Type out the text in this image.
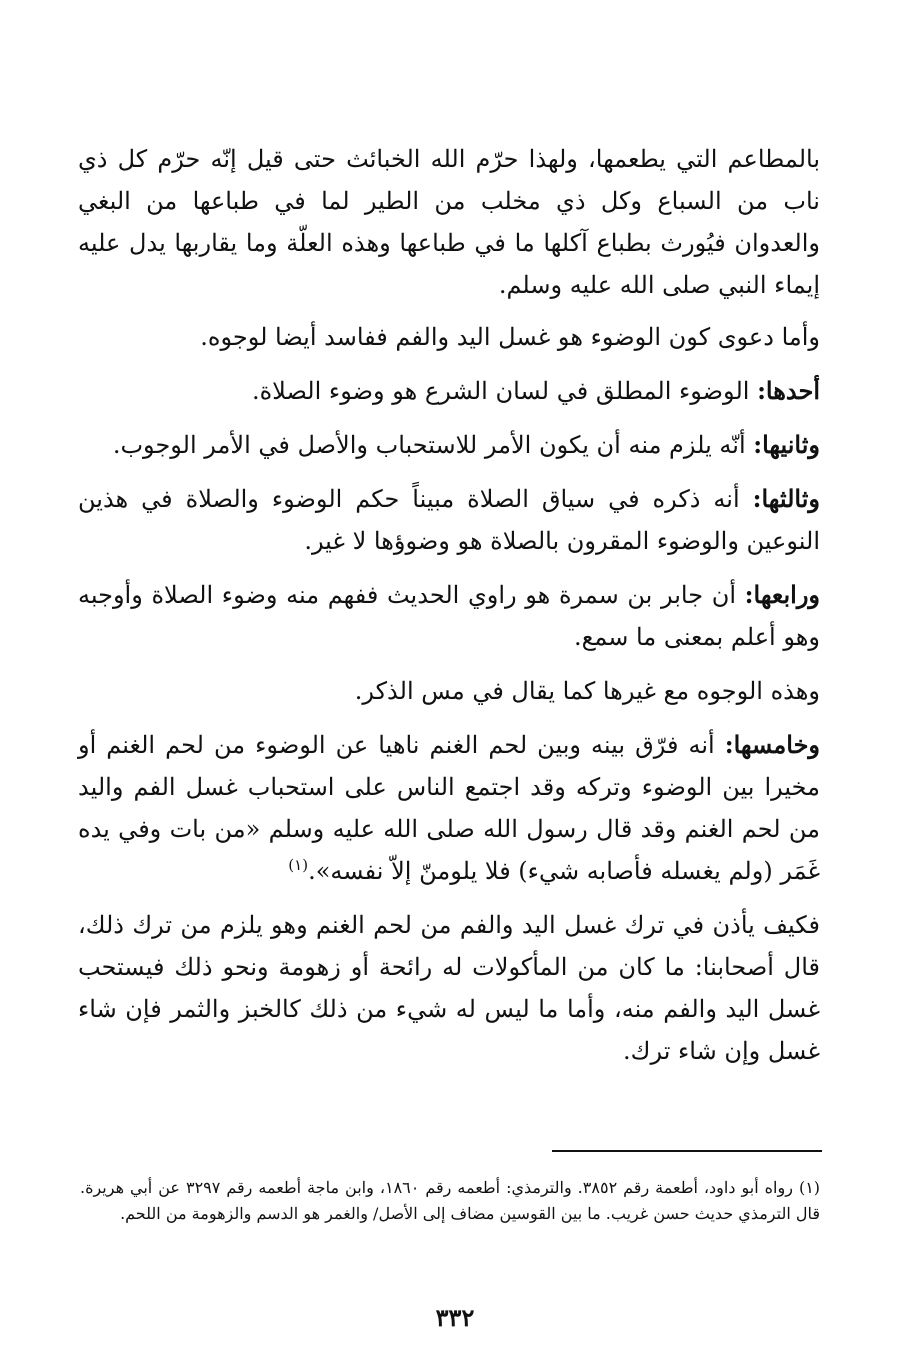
بالمطاعم التي يطعمها، ولهذا حرّم الله الخبائث حتى قيل إنّه حرّم كل ذي ناب من السباع وكل ذي مخلب من الطير لما في طباعها من البغي والعدوان فيُورث بطباع آكلها ما في طباعها وهذه العلّة وما يقاربها يدل عليه إيماء النبي صلى الله عليه وسلم.

وأما دعوى كون الوضوء هو غسل اليد والفم ففاسد أيضا لوجوه.

أحدها: الوضوء المطلق في لسان الشرع هو وضوء الصلاة.

وثانيها: أنّه يلزم منه أن يكون الأمر للاستحباب والأصل في الأمر الوجوب.

وثالثها: أنه ذكره في سياق الصلاة مبيناً حكم الوضوء والصلاة في هذين النوعين والوضوء المقرون بالصلاة هو وضوؤها لا غير.

ورابعها: أن جابر بن سمرة هو راوي الحديث ففهم منه وضوء الصلاة وأوجبه وهو أعلم بمعنى ما سمع.

وهذه الوجوه مع غيرها كما يقال في مس الذكر.

وخامسها: أنه فرّق بينه وبين لحم الغنم ناهيا عن الوضوء من لحم الغنم أو مخيرا بين الوضوء وتركه وقد اجتمع الناس على استحباب غسل الفم واليد من لحم الغنم وقد قال رسول الله صلى الله عليه وسلم «من بات وفي يده غَمَر (ولم يغسله فأصابه شيء) فلا يلومنّ إلاّ نفسه».$^{(١)}$

فكيف يأذن في ترك غسل اليد والفم من لحم الغنم وهو يلزم من ترك ذلك، قال أصحابنا: ما كان من المأكولات له رائحة أو زهومة ونحو ذلك فيستحب غسل اليد والفم منه، وأما ما ليس له شيء من ذلك كالخبز والثمر فإن شاء غسل وإن شاء ترك.

(١) رواه أبو داود، أطعمة رقم ٣٨٥٢. والترمذي: أطعمه رقم ١٨٦٠، وابن ماجة أطعمه رقم ٣٢٩٧ عن أبي هريرة. قال الترمذي حديث حسن غريب. ما بين القوسين مضاف إلى الأصل/ والغمر هو الدسم والزهومة من اللحم.
٣٣٢
